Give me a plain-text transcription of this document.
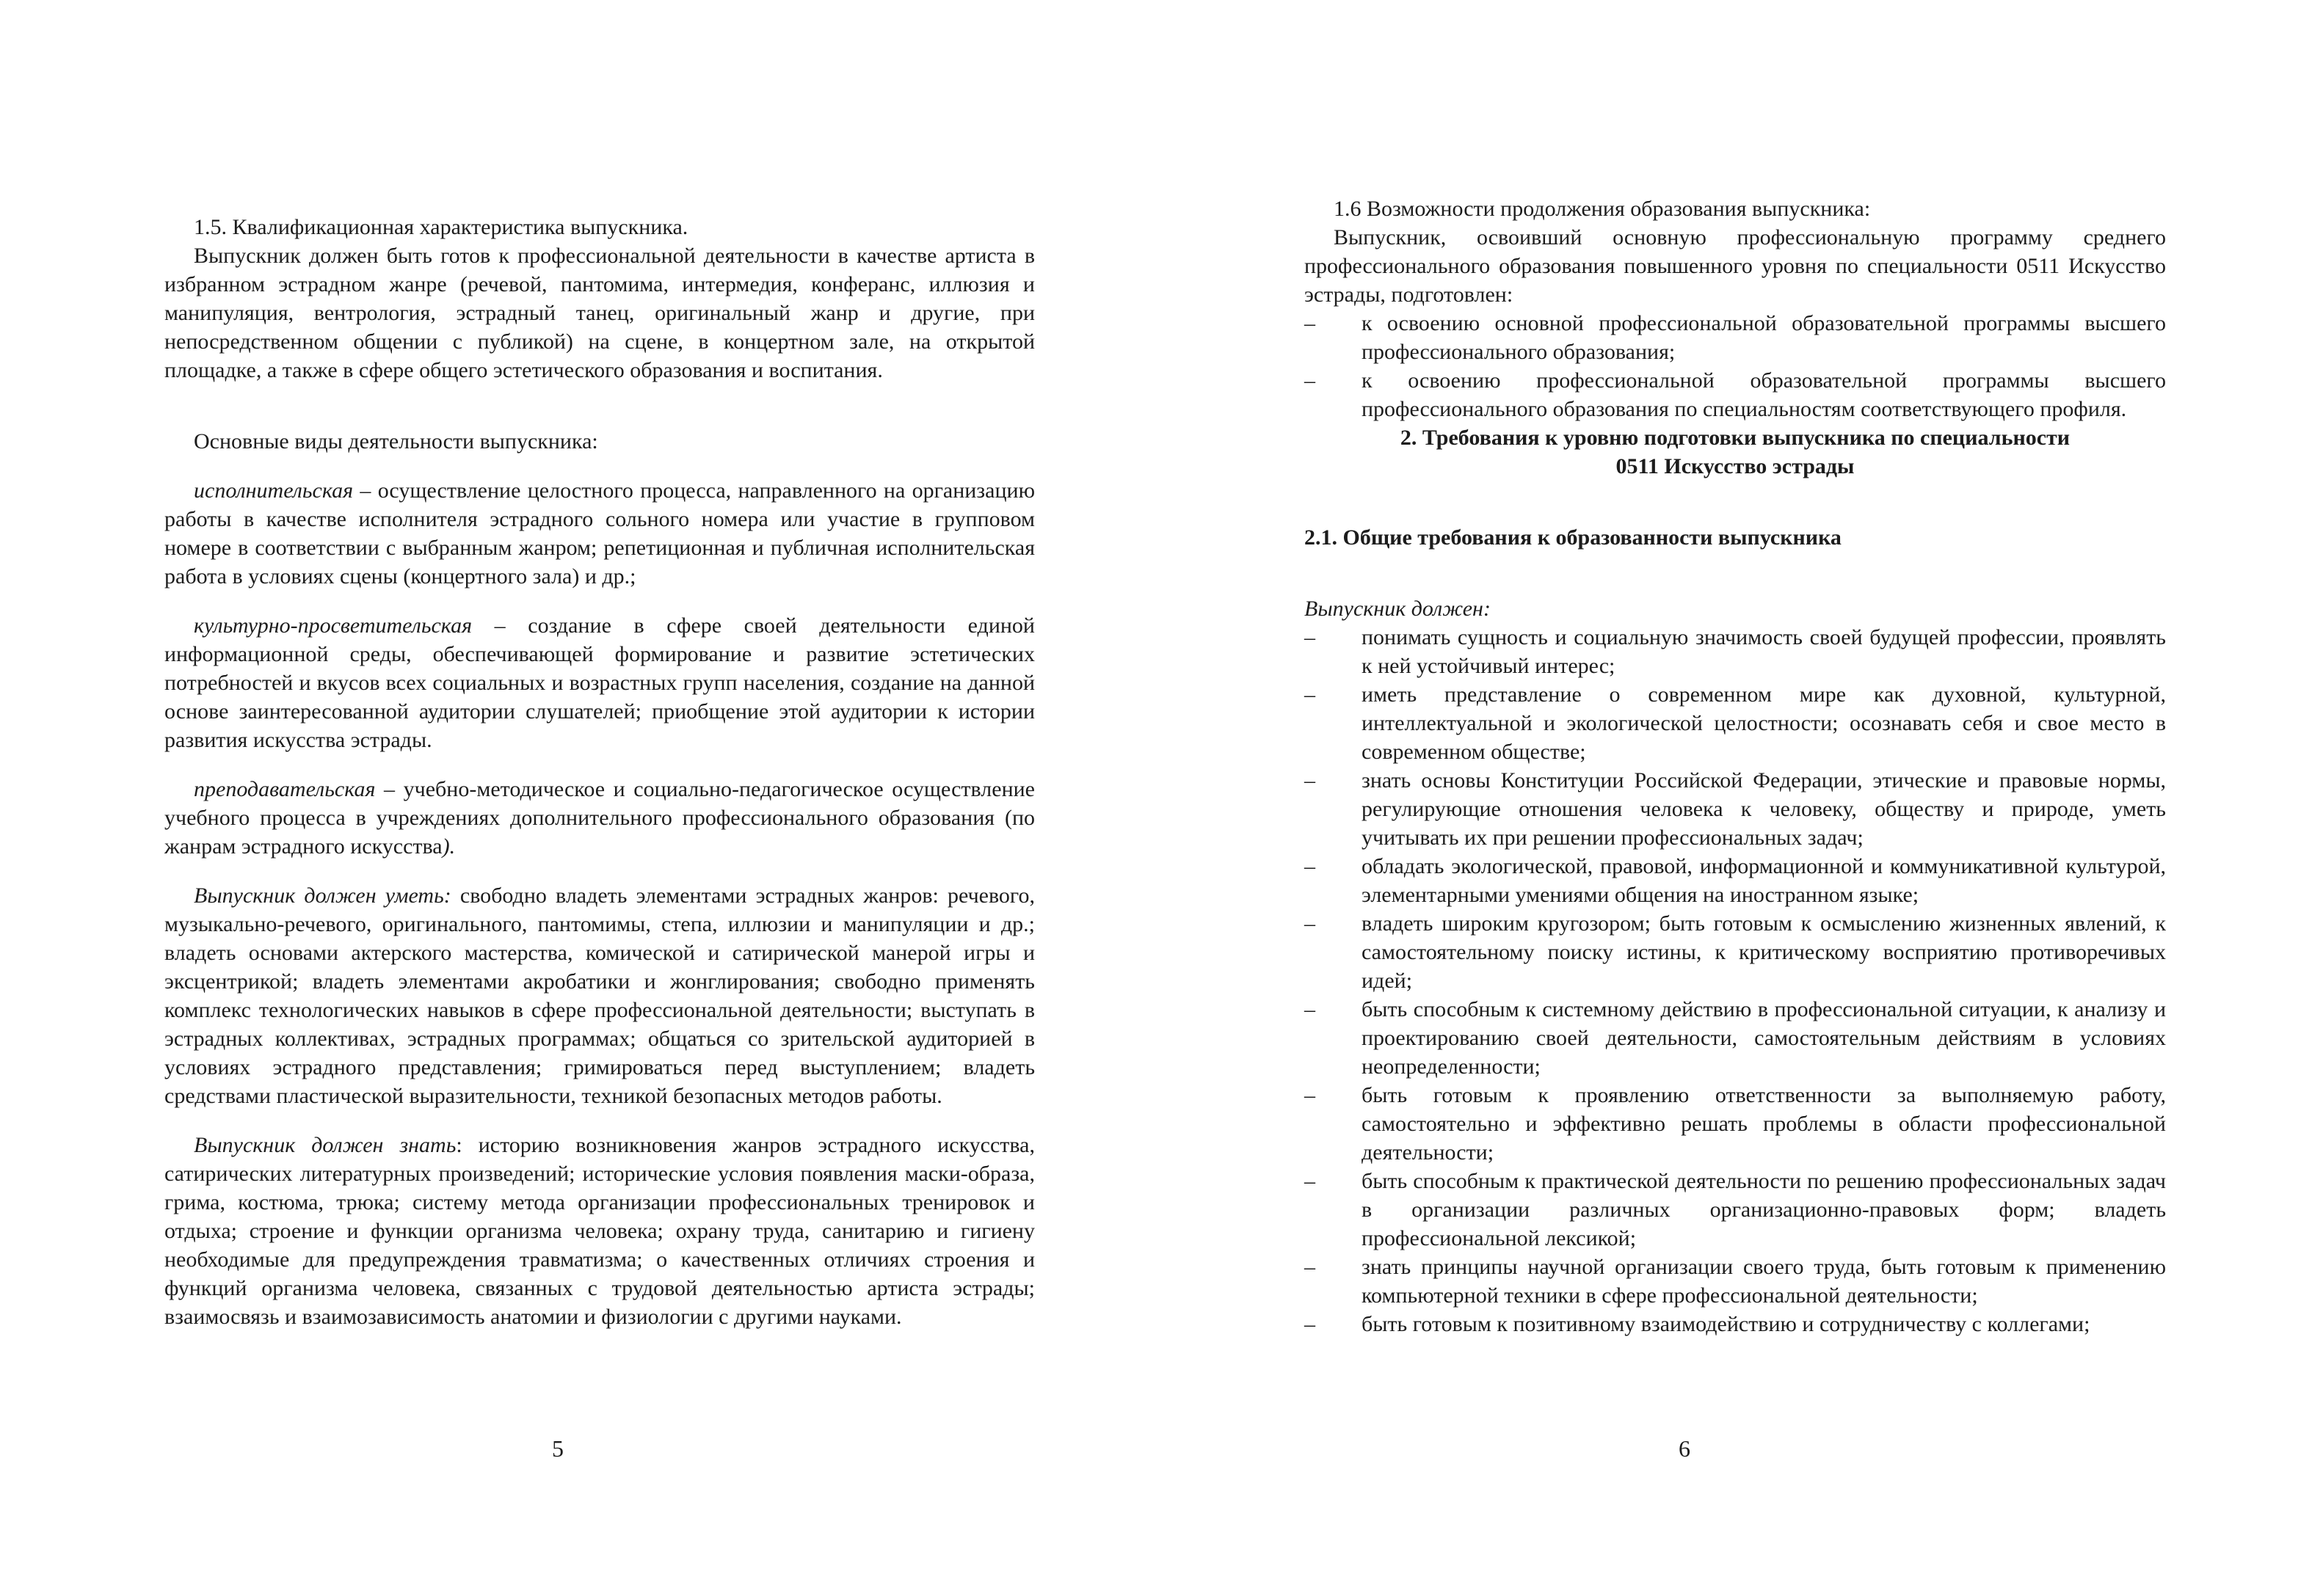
1.5. Квалификационная характеристика выпускника.

Выпускник должен быть готов к профессиональной деятельности в качестве артиста в избранном эстрадном жанре (речевой, пантомима, интермедия, конферанс, иллюзия и манипуляция, вентрология, эстрадный танец, оригинальный жанр и другие, при непосредственном общении с публикой) на сцене, в концертном зале, на открытой площадке, а также в сфере общего эстетического образования и воспитания.

Основные виды деятельности выпускника:

исполнительская – осуществление целостного процесса, направленного на организацию работы в качестве исполнителя эстрадного сольного номера или участие в групповом номере в соответствии с выбранным жанром; репетиционная и публичная исполнительская работа в условиях сцены (концертного зала) и др.;

культурно-просветительская – создание в сфере своей деятельности единой информационной среды, обеспечивающей формирование и развитие эстетических потребностей и вкусов всех социальных и возрастных групп населения, создание на данной основе заинтересованной аудитории слушателей; приобщение этой аудитории к истории развития искусства эстрады.

преподавательская – учебно-методическое и социально-педагогическое осуществление учебного процесса в учреждениях дополнительного профессионального образования (по жанрам эстрадного искусства).

Выпускник должен уметь: свободно владеть элементами эстрадных жанров: речевого, музыкально-речевого, оригинального, пантомимы, степа, иллюзии и манипуляции и др.; владеть основами актерского мастерства, комической и сатирической манерой игры и эксцентрикой; владеть элементами акробатики и жонглирования; свободно применять комплекс технологических навыков в сфере профессиональной деятельности; выступать в эстрадных коллективах, эстрадных программах; общаться со зрительской аудиторией в условиях эстрадного представления; гримироваться перед выступлением; владеть средствами пластической выразительности, техникой безопасных методов работы.

Выпускник должен знать: историю возникновения жанров эстрадного искусства, сатирических литературных произведений; исторические условия появления маски-образа, грима, костюма, трюка; систему метода организации профессиональных тренировок и отдыха; строение и функции организма человека; охрану труда, санитарию и гигиену необходимые для предупреждения травматизма; о качественных отличиях строения и функций организма человека, связанных с трудовой деятельностью артиста эстрады; взаимосвязь и взаимозависимость анатомии и физиологии с другими науками.

5

1.6 Возможности продолжения образования выпускника:

Выпускник, освоивший основную профессиональную программу среднего профессионального образования повышенного уровня по специальности 0511 Искусство эстрады, подготовлен:

– к освоению основной профессиональной образовательной программы высшего профессионального образования;
– к освоению профессиональной образовательной программы высшего профессионального образования по специальностям соответствующего профиля.

2. Требования к уровню подготовки выпускника по специальности
0511 Искусство эстрады

2.1. Общие требования к образованности выпускника

Выпускник должен:

– понимать сущность и социальную значимость своей будущей профессии, проявлять к ней устойчивый интерес;
– иметь представление о современном мире как духовной, культурной, интеллектуальной и экологической целостности; осознавать себя и свое место в современном обществе;
– знать основы Конституции Российской Федерации, этические и правовые нормы, регулирующие отношения человека к человеку, обществу и природе, уметь учитывать их при решении профессиональных задач;
– обладать экологической, правовой, информационной и коммуникативной культурой, элементарными умениями общения на иностранном языке;
– владеть широким кругозором; быть готовым к осмыслению жизненных явлений, к самостоятельному поиску истины, к критическому восприятию противоречивых идей;
– быть способным к системному действию в профессиональной ситуации, к анализу и проектированию своей деятельности, самостоятельным действиям в условиях неопределенности;
– быть готовым к проявлению ответственности за выполняемую работу, самостоятельно и эффективно решать проблемы в области профессиональной деятельности;
– быть способным к практической деятельности по решению профессиональных задач в организации различных организационно-правовых форм; владеть профессиональной лексикой;
– знать принципы научной организации своего труда, быть готовым к применению компьютерной техники в сфере профессиональной деятельности;
– быть готовым к позитивному взаимодействию и сотрудничеству с коллегами;
6
